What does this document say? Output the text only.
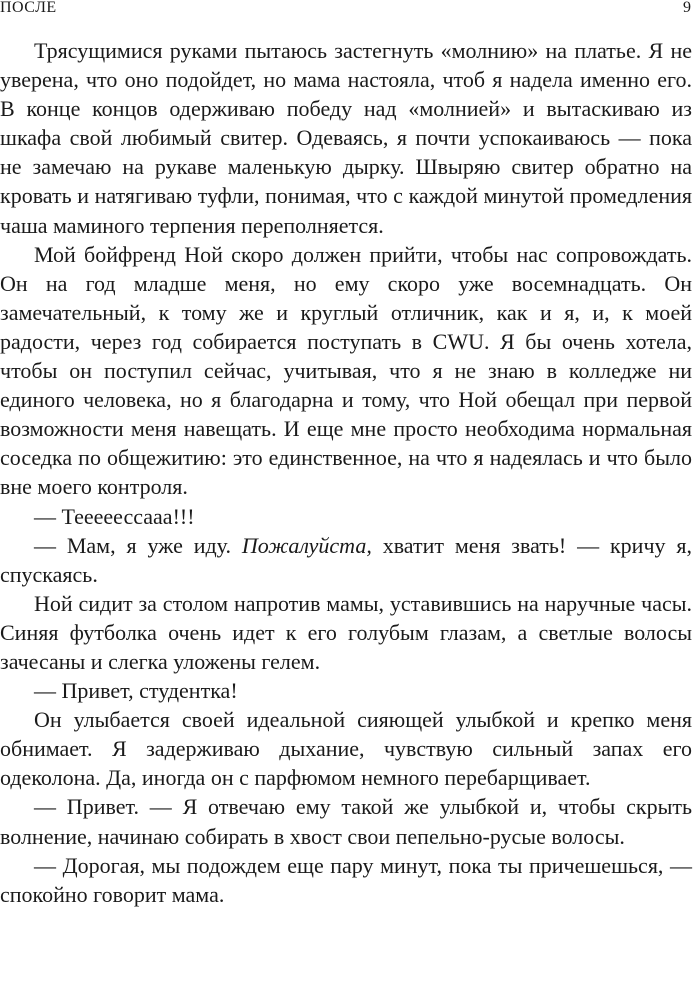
ПОСЛЕ	9

Трясущимися руками пытаюсь застегнуть «молнию» на платье. Я не уверена, что оно подойдет, но мама настояла, чтоб я надела именно его. В конце концов одерживаю победу над «молнией» и вытаскиваю из шкафа свой любимый свитер. Одеваясь, я почти успокаиваюсь — пока не замечаю на рукаве маленькую дырку. Швыряю свитер обратно на кровать и натягиваю туфли, понимая, что с каждой минутой промедления чаша маминого терпения переполняется.

Мой бойфренд Ной скоро должен прийти, чтобы нас сопровождать. Он на год младше меня, но ему скоро уже восемнадцать. Он замечательный, к тому же и круглый отличник, как и я, и, к моей радости, через год собирается поступать в CWU. Я бы очень хотела, чтобы он поступил сейчас, учитывая, что я не знаю в колледже ни единого человека, но я благодарна и тому, что Ной обещал при первой возможности меня навещать. И еще мне просто необходима нормальная соседка по общежитию: это единственное, на что я надеялась и что было вне моего контроля.

— Тееееессааа!!!

— Мам, я уже иду. Пожалуйста, хватит меня звать! — кричу я, спускаясь.

Ной сидит за столом напротив мамы, уставившись на наручные часы. Синяя футболка очень идет к его голубым глазам, а светлые волосы зачесаны и слегка уложены гелем.

— Привет, студентка!

Он улыбается своей идеальной сияющей улыбкой и крепко меня обнимает. Я задерживаю дыхание, чувствую сильный запах его одеколона. Да, иногда он с парфюмом немного перебарщивает.

— Привет. — Я отвечаю ему такой же улыбкой и, чтобы скрыть волнение, начинаю собирать в хвост свои пепельно-русые волосы.

— Дорогая, мы подождем еще пару минут, пока ты причешешься, — спокойно говорит мама.
